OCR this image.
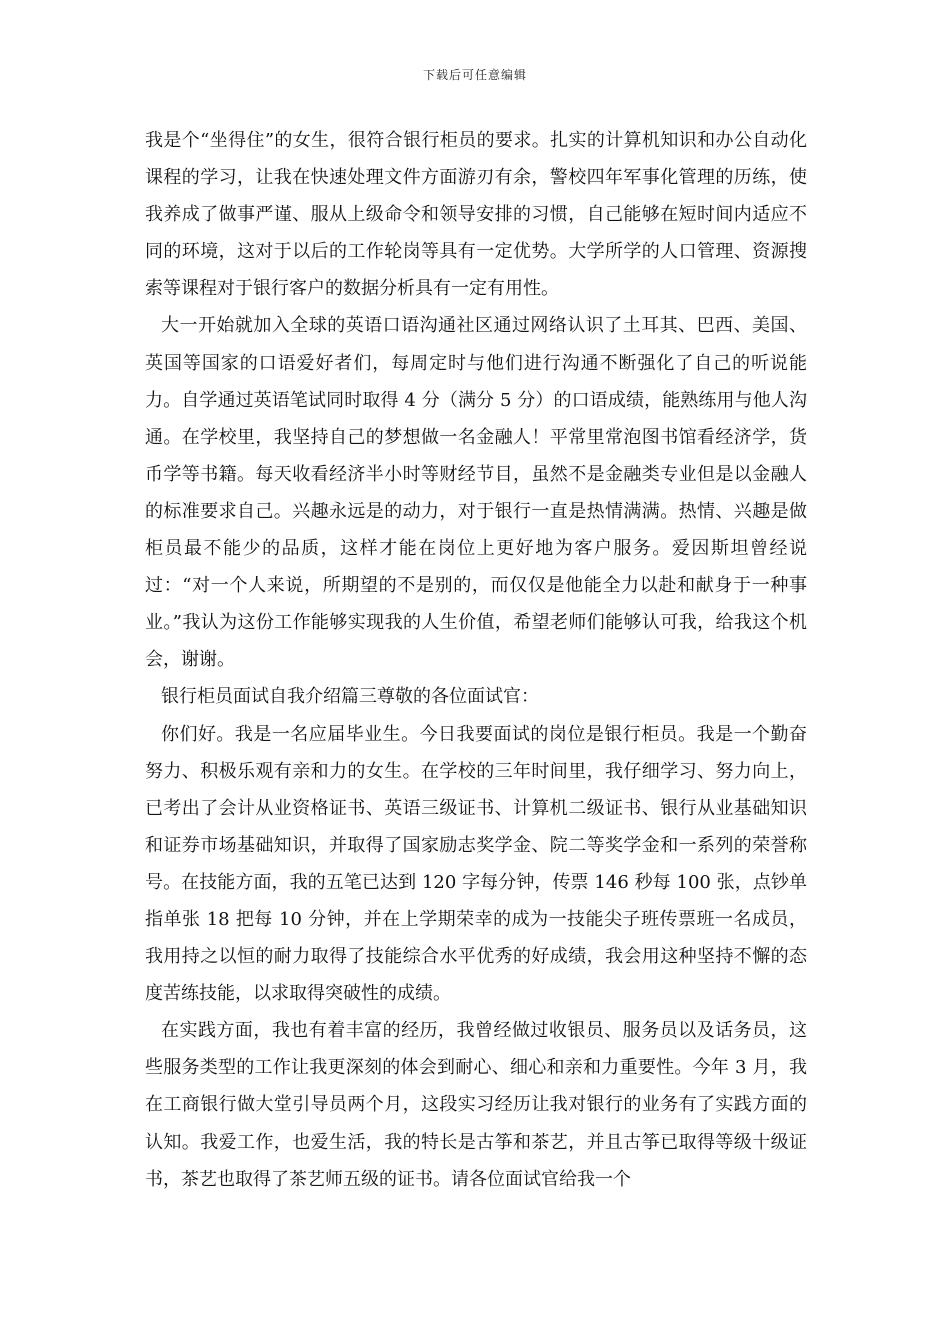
下载后可任意编辑

我是个“坐得住”的女生，很符合银行柜员的要求。扎实的计算机知识和办公自动化课程的学习，让我在快速处理文件方面游刃有余，警校四年军事化管理的历练，使我养成了做事严谨、服从上级命令和领导安排的习惯，自己能够在短时间内适应不同的环境，这对于以后的工作轮岗等具有一定优势。大学所学的人口管理、资源搜索等课程对于银行客户的数据分析具有一定有用性。

大一开始就加入全球的英语口语沟通社区通过网络认识了土耳其、巴西、美国、英国等国家的口语爱好者们，每周定时与他们进行沟通不断强化了自己的听说能力。自学通过英语笔试同时取得 4 分（满分 5 分）的口语成绩，能熟练用与他人沟通。在学校里，我坚持自己的梦想做一名金融人！平常里常泡图书馆看经济学，货币学等书籍。每天收看经济半小时等财经节目，虽然不是金融类专业但是以金融人的标准要求自己。兴趣永远是的动力，对于银行一直是热情满满。热情、兴趣是做柜员最不能少的品质，这样才能在岗位上更好地为客户服务。爱因斯坦曾经说过：“对一个人来说，所期望的不是别的，而仅仅是他能全力以赴和献身于一种事业。”我认为这份工作能够实现我的人生价值，希望老师们能够认可我，给我这个机会，谢谢。

银行柜员面试自我介绍篇三尊敬的各位面试官：

你们好。我是一名应届毕业生。今日我要面试的岗位是银行柜员。我是一个勤奋努力、积极乐观有亲和力的女生。在学校的三年时间里，我仔细学习、努力向上，已考出了会计从业资格证书、英语三级证书、计算机二级证书、银行从业基础知识和证券市场基础知识，并取得了国家励志奖学金、院二等奖学金和一系列的荣誉称号。在技能方面，我的五笔已达到 120 字每分钟，传票 146 秒每 100 张，点钞单指单张 18 把每 10 分钟，并在上学期荣幸的成为一技能尖子班传票班一名成员，我用持之以恒的耐力取得了技能综合水平优秀的好成绩，我会用这种坚持不懈的态度苦练技能，以求取得突破性的成绩。

在实践方面，我也有着丰富的经历，我曾经做过收银员、服务员以及话务员，这些服务类型的工作让我更深刻的体会到耐心、细心和亲和力重要性。今年 3 月，我在工商银行做大堂引导员两个月，这段实习经历让我对银行的业务有了实践方面的认知。我爱工作，也爱生活，我的特长是古筝和茶艺，并且古筝已取得等级十级证书，茶艺也取得了茶艺师五级的证书。请各位面试官给我一个
